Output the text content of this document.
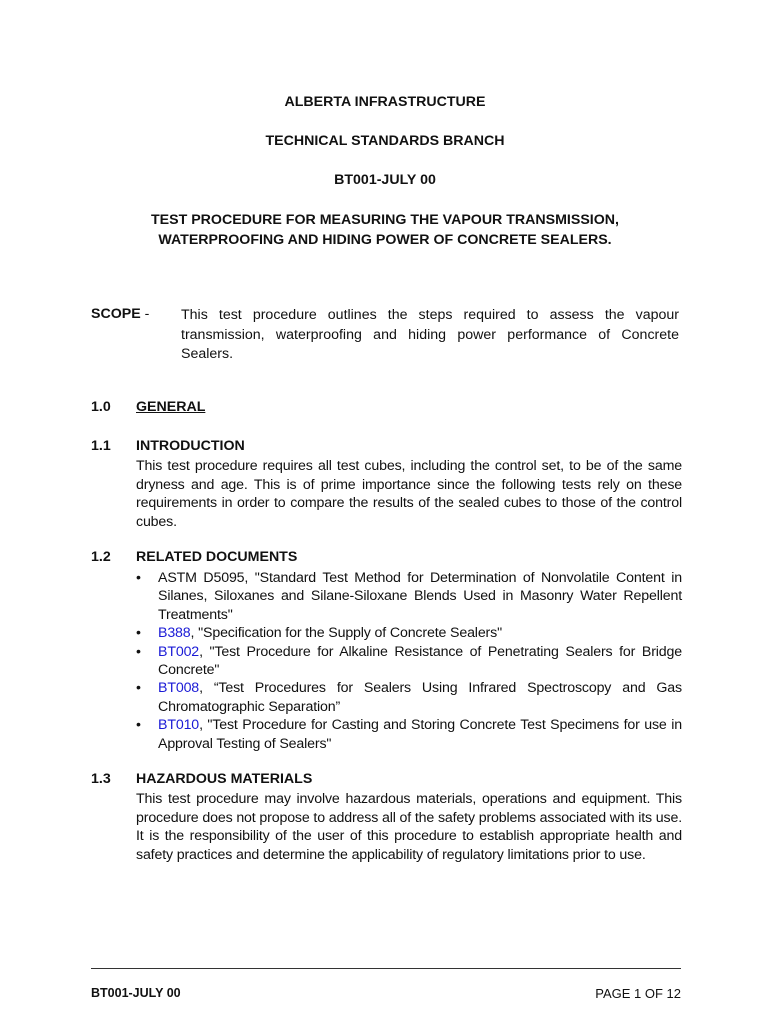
ALBERTA INFRASTRUCTURE

TECHNICAL STANDARDS BRANCH

BT001-JULY 00

TEST PROCEDURE FOR MEASURING THE VAPOUR TRANSMISSION,
WATERPROOFING AND HIDING POWER OF CONCRETE SEALERS.
SCOPE - This test procedure outlines the steps required to assess the vapour transmission, waterproofing and hiding power performance of Concrete Sealers.

1.0 GENERAL
1.1 INTRODUCTION

This test procedure requires all test cubes, including the control set, to be of the same dryness and age. This is of prime importance since the following tests rely on these requirements in order to compare the results of the sealed cubes to those of the control cubes.

1.2 RELATED DOCUMENTS
• ASTM D5095, "Standard Test Method for Determination of Nonvolatile Content in Silanes, Siloxanes and Silane-Siloxane Blends Used in Masonry Water Repellent Treatments"
• B388, "Specification for the Supply of Concrete Sealers"
• BT002, "Test Procedure for Alkaline Resistance of Penetrating Sealers for Bridge Concrete"
• BT008, “Test Procedures for Sealers Using Infrared Spectroscopy and Gas Chromatographic Separation”
• BT010, "Test Procedure for Casting and Storing Concrete Test Specimens for use in Approval Testing of Sealers"
1.3 HAZARDOUS MATERIALS

This test procedure may involve hazardous materials, operations and equipment. This procedure does not propose to address all of the safety problems associated with its use. It is the responsibility of the user of this procedure to establish appropriate health and safety practices and determine the applicability of regulatory limitations prior to use.

BT001-JULY 00	PAGE 1 OF 12
